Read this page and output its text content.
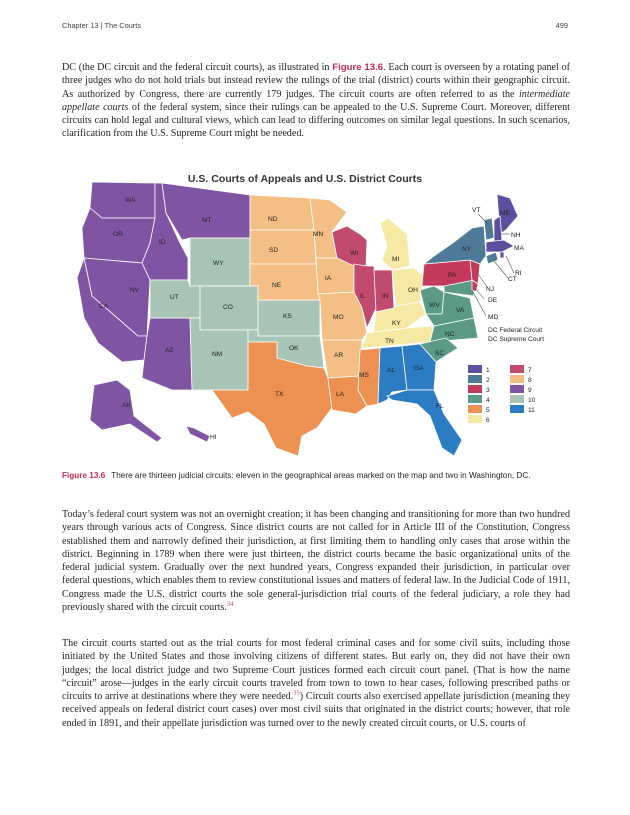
Chapter 13 | The Courts	499

DC (the DC circuit and the federal circuit courts), as illustrated in Figure 13.6. Each court is overseen by a rotating panel of three judges who do not hold trials but instead review the rulings of the trial (district) courts within their geographic circuit. As authorized by Congress, there are currently 179 judges. The circuit courts are often referred to as the intermediate appellate courts of the federal system, since their rulings can be appealed to the U.S. Supreme Court. Moreover, different circuits can hold legal and cultural views, which can lead to differing outcomes on similar legal questions. In such scenarios, clarification from the U.S. Supreme Court might be needed.

U.S. Courts of Appeals and U.S. District Courts
WA
OR
ID
MT
NV
CA
AZ
AK
HI
WY
UT
CO
NM
KS
OK
ND
SD
NE
MN
IA
MO
AR
TX	LA
MS
WI
IL	IN
MI
OH
KY
TN
AL	GA
FL
WV
VA
NC
SC
MD
PA
NJ
DE
NY
VT
CT
ME
NH
MA
RI
DC Federal Circuit
DC Supreme Court
1
2
3
4
5
6
7
8
9
10
11
Figure 13.6 There are thirteen judicial circuits: eleven in the geographical areas marked on the map and two in Washington, DC.

Today’s federal court system was not an overnight creation; it has been changing and transitioning for more than two hundred years through various acts of Congress. Since district courts are not called for in Article III of the Constitution, Congress established them and narrowly defined their jurisdiction, at first limiting them to handling only cases that arose within the district. Beginning in 1789 when there were just thirteen, the district courts became the basic organizational units of the federal judicial system. Gradually over the next hundred years, Congress expanded their jurisdiction, in particular over federal questions, which enables them to review constitutional issues and matters of federal law. In the Judicial Code of 1911, Congress made the U.S. district courts the sole general-jurisdiction trial courts of the federal judiciary, a role they had previously shared with the circuit courts.$^{34}$

The circuit courts started out as the trial courts for most federal criminal cases and for some civil suits, including those initiated by the United States and those involving citizens of different states. But early on, they did not have their own judges; the local district judge and two Supreme Court justices formed each circuit court panel. (That is how the name “circuit” arose—judges in the early circuit courts traveled from town to town to hear cases, following prescribed paths or circuits to arrive at destinations where they were needed.$^{35}$) Circuit courts also exercised appellate jurisdiction (meaning they received appeals on federal district court cases) over most civil suits that originated in the district courts; however, that role ended in 1891, and their appellate jurisdiction was turned over to the newly created circuit courts, or U.S. courts of
